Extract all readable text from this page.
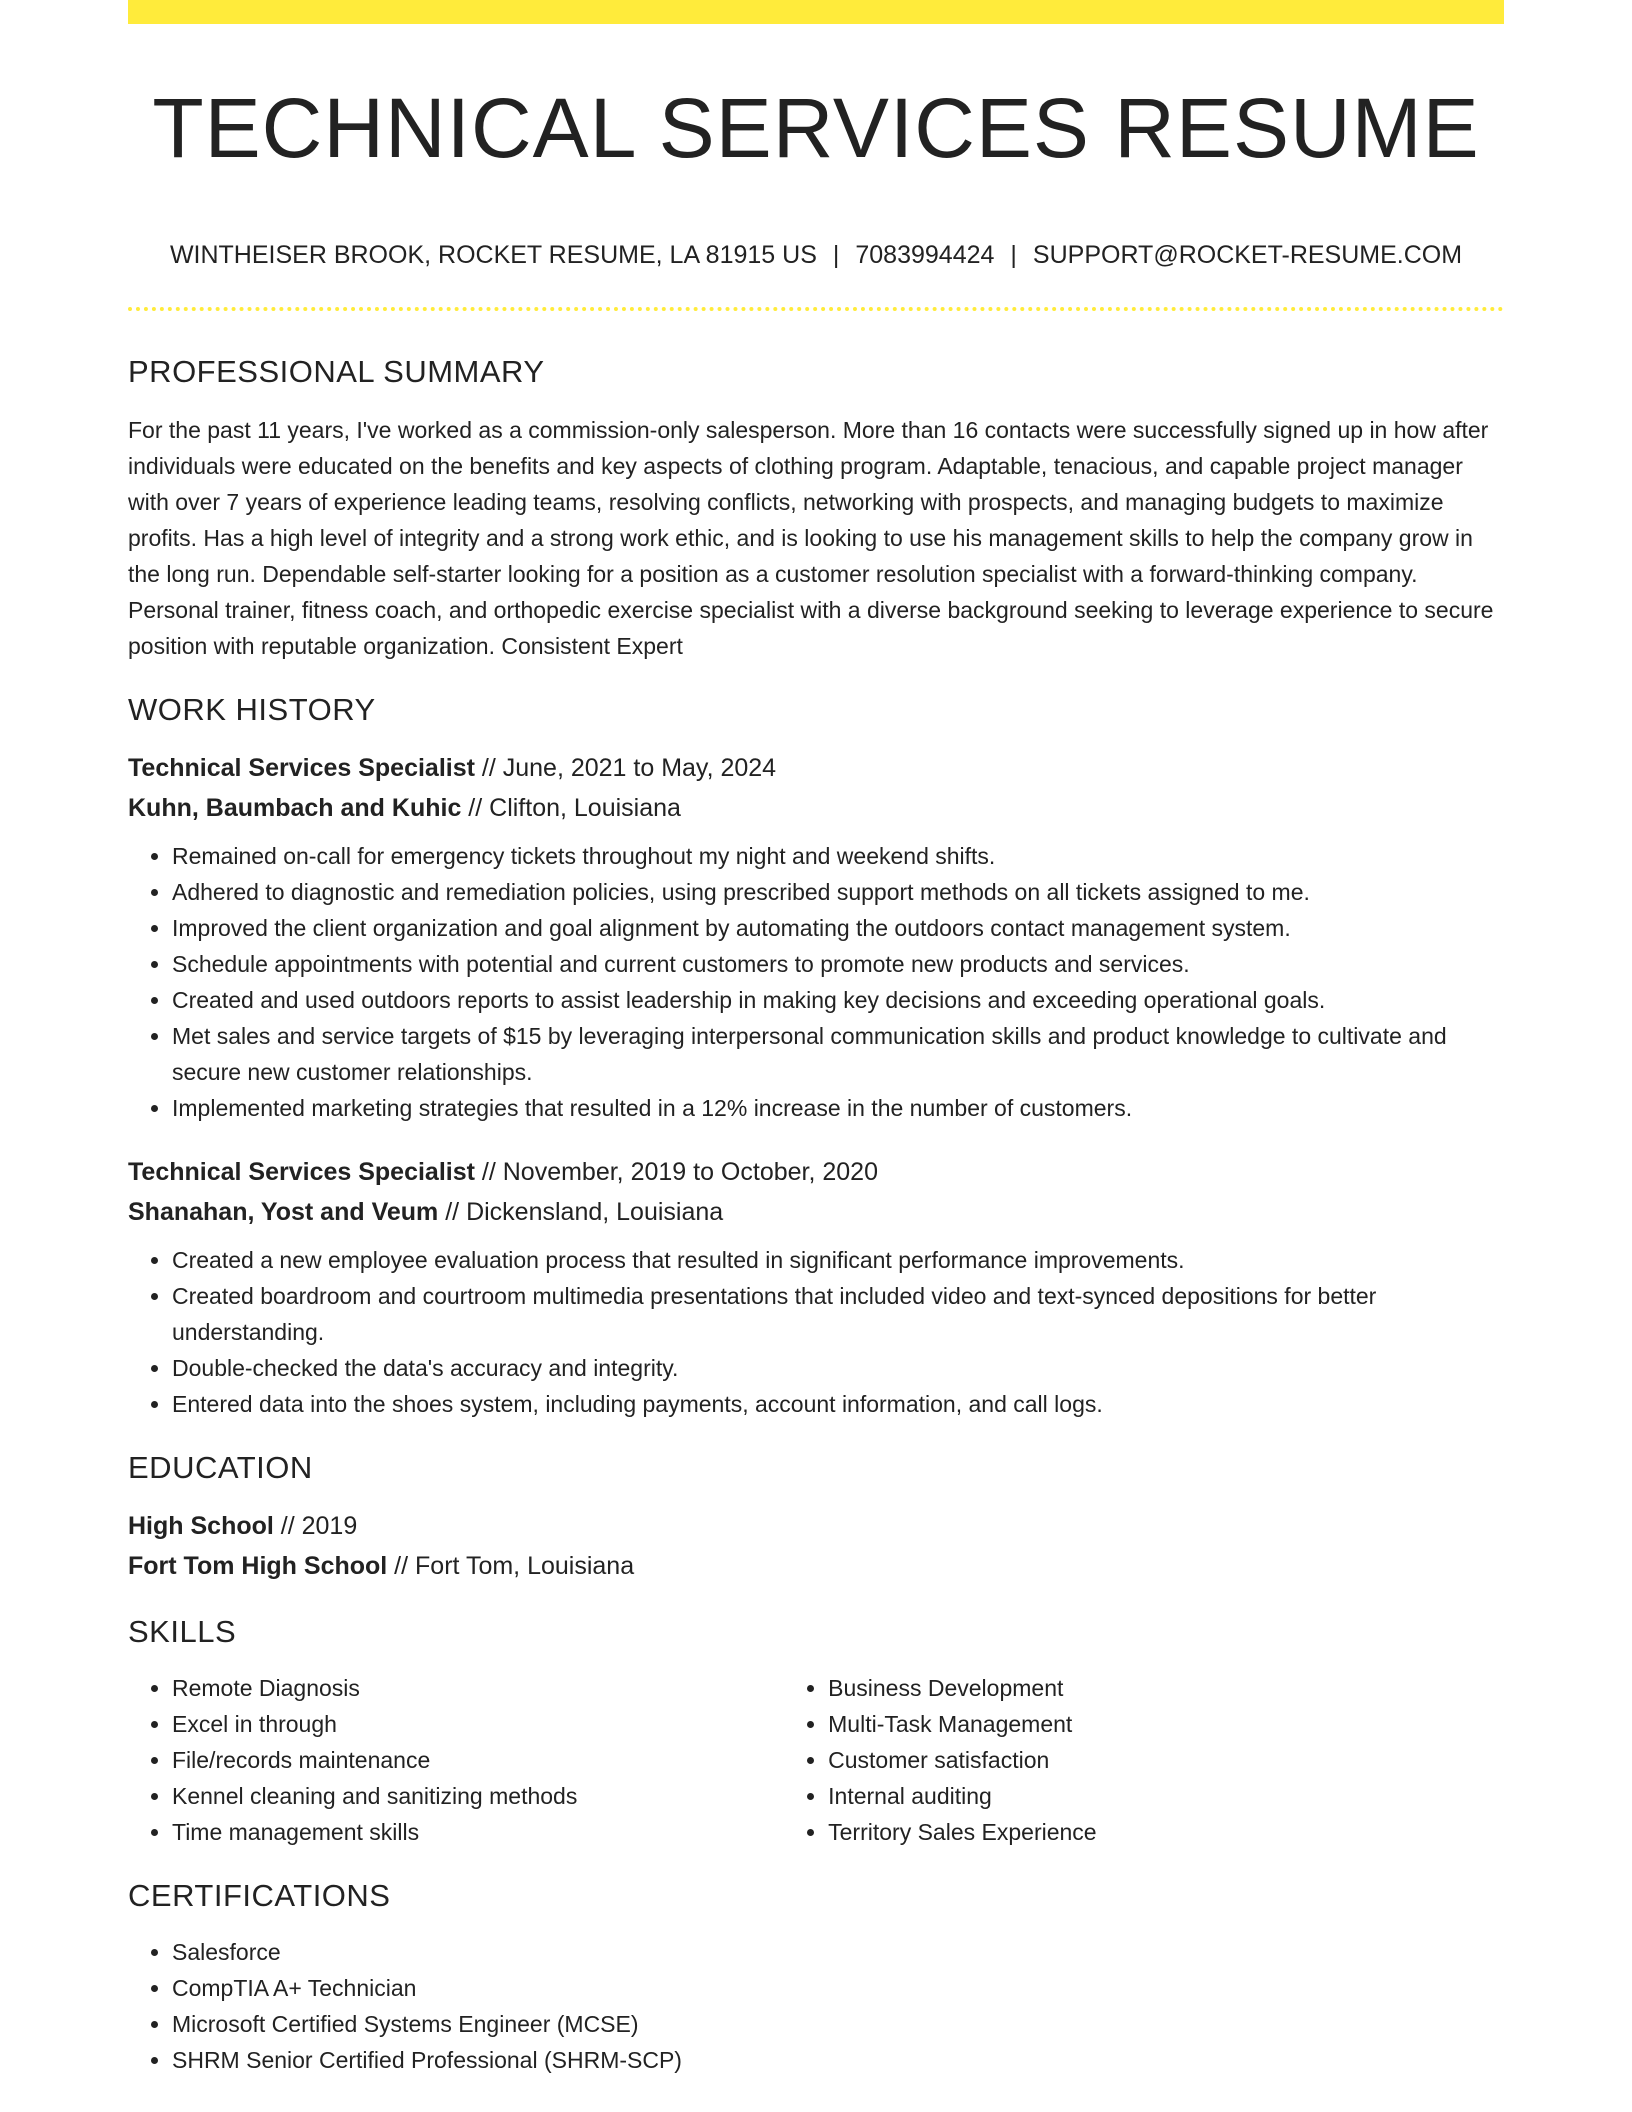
TECHNICAL SERVICES RESUME
WINTHEISER BROOK, ROCKET RESUME, LA 81915 US | 7083994424 | SUPPORT@ROCKET-RESUME.COM
PROFESSIONAL SUMMARY

For the past 11 years, I've worked as a commission-only salesperson. More than 16 contacts were successfully signed up in how after individuals were educated on the benefits and key aspects of clothing program. Adaptable, tenacious, and capable project manager with over 7 years of experience leading teams, resolving conflicts, networking with prospects, and managing budgets to maximize profits. Has a high level of integrity and a strong work ethic, and is looking to use his management skills to help the company grow in the long run. Dependable self-starter looking for a position as a customer resolution specialist with a forward-thinking company. Personal trainer, fitness coach, and orthopedic exercise specialist with a diverse background seeking to leverage experience to secure position with reputable organization. Consistent Expert

WORK HISTORY
Technical Services Specialist // June, 2021 to May, 2024
Kuhn, Baumbach and Kuhic // Clifton, Louisiana
• Remained on-call for emergency tickets throughout my night and weekend shifts.
• Adhered to diagnostic and remediation policies, using prescribed support methods on all tickets assigned to me.
• Improved the client organization and goal alignment by automating the outdoors contact management system.
• Schedule appointments with potential and current customers to promote new products and services.
• Created and used outdoors reports to assist leadership in making key decisions and exceeding operational goals.
• Met sales and service targets of $15 by leveraging interpersonal communication skills and product knowledge to cultivate and secure new customer relationships.
• Implemented marketing strategies that resulted in a 12% increase in the number of customers.
Technical Services Specialist // November, 2019 to October, 2020
Shanahan, Yost and Veum // Dickensland, Louisiana
• Created a new employee evaluation process that resulted in significant performance improvements.
• Created boardroom and courtroom multimedia presentations that included video and text-synced depositions for better understanding.
• Double-checked the data's accuracy and integrity.
• Entered data into the shoes system, including payments, account information, and call logs.
EDUCATION
High School // 2019
Fort Tom High School // Fort Tom, Louisiana
SKILLS
• Remote Diagnosis
• Excel in through
• File/records maintenance
• Kennel cleaning and sanitizing methods
• Time management skills
• Business Development
• Multi-Task Management
• Customer satisfaction
• Internal auditing
• Territory Sales Experience
CERTIFICATIONS
• Salesforce
• CompTIA A+ Technician
• Microsoft Certified Systems Engineer (MCSE)
• SHRM Senior Certified Professional (SHRM-SCP)
